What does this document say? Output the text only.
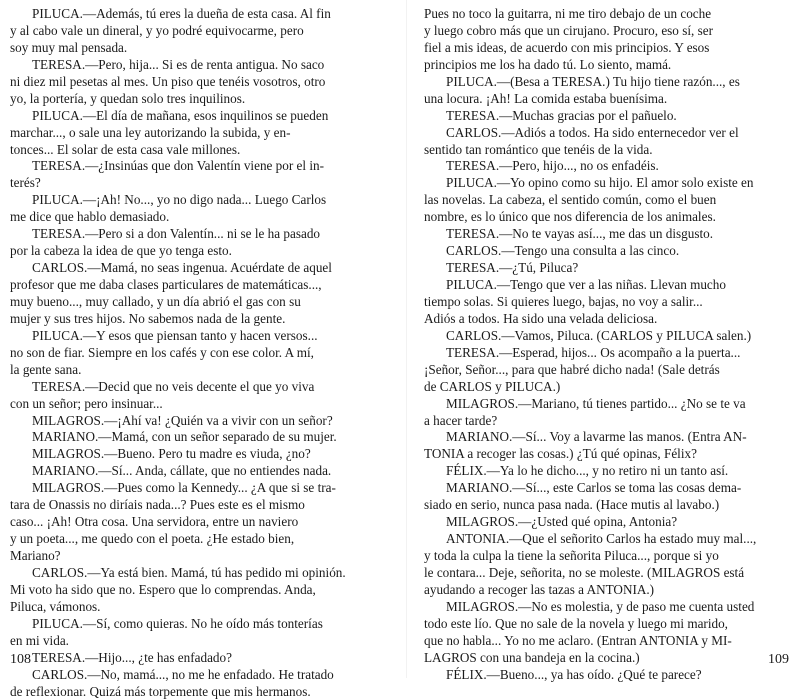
PILUCA.—Además, tú eres la dueña de esta casa. Al fin
y al cabo vale un dineral, y yo podré equivocarme, pero
soy muy mal pensada.
TERESA.—Pero, hija... Si es de renta antigua. No saco
ni diez mil pesetas al mes. Un piso que tenéis vosotros, otro
yo, la portería, y quedan solo tres inquilinos.
PILUCA.—El día de mañana, esos inquilinos se pueden
marchar..., o sale una ley autorizando la subida, y en-
tonces... El solar de esta casa vale millones.
TERESA.—¿Insinúas que don Valentín viene por el in-
terés?
PILUCA.—¡Ah! No..., yo no digo nada... Luego Carlos
me dice que hablo demasiado.
TERESA.—Pero si a don Valentín... ni se le ha pasado
por la cabeza la idea de que yo tenga esto.
CARLOS.—Mamá, no seas ingenua. Acuérdate de aquel
profesor que me daba clases particulares de matemáticas...,
muy bueno..., muy callado, y un día abrió el gas con su
mujer y sus tres hijos. No sabemos nada de la gente.
PILUCA.—Y esos que piensan tanto y hacen versos...
no son de fiar. Siempre en los cafés y con ese color. A mí,
la gente sana.
TERESA.—Decid que no veis decente el que yo viva
con un señor; pero insinuar...
MILAGROS.—¡Ahí va! ¿Quién va a vivir con un señor?
MARIANO.—Mamá, con un señor separado de su mujer.
MILAGROS.—Bueno. Pero tu madre es viuda, ¿no?
MARIANO.—Sí... Anda, cállate, que no entiendes nada.
MILAGROS.—Pues como la Kennedy... ¿A que si se tra-
tara de Onassis no diríais nada...? Pues este es el mismo
caso... ¡Ah! Otra cosa. Una servidora, entre un naviero
y un poeta..., me quedo con el poeta. ¿He estado bien,
Mariano?
CARLOS.—Ya está bien. Mamá, tú has pedido mi opinión.
Mi voto ha sido que no. Espero que lo comprendas. Anda,
Piluca, vámonos.
PILUCA.—Sí, como quieras. No he oído más tonterías
en mi vida.
TERESA.—Hijo..., ¿te has enfadado?
CARLOS.—No, mamá..., no me he enfadado. He tratado
de reflexionar. Quizá más torpemente que mis hermanos.
108
Pues no toco la guitarra, ni me tiro debajo de un coche
y luego cobro más que un cirujano. Procuro, eso sí, ser
fiel a mis ideas, de acuerdo con mis principios. Y esos
principios me los ha dado tú. Lo siento, mamá.
PILUCA.—(Besa a TERESA.) Tu hijo tiene razón..., es
una locura. ¡Ah! La comida estaba buenísima.
TERESA.—Muchas gracias por el pañuelo.
CARLOS.—Adiós a todos. Ha sido enternecedor ver el
sentido tan romántico que tenéis de la vida.
TERESA.—Pero, hijo..., no os enfadéis.
PILUCA.—Yo opino como su hijo. El amor solo existe en
las novelas. La cabeza, el sentido común, como el buen
nombre, es lo único que nos diferencia de los animales.
TERESA.—No te vayas así..., me das un disgusto.
CARLOS.—Tengo una consulta a las cinco.
TERESA.—¿Tú, Piluca?
PILUCA.—Tengo que ver a las niñas. Llevan mucho
tiempo solas. Si quieres luego, bajas, no voy a salir...
Adiós a todos. Ha sido una velada deliciosa.
CARLOS.—Vamos, Piluca. (CARLOS y PILUCA salen.)
TERESA.—Esperad, hijos... Os acompaño a la puerta...
¡Señor, Señor..., para que habré dicho nada! (Sale detrás
de CARLOS y PILUCA.)
MILAGROS.—Mariano, tú tienes partido... ¿No se te va
a hacer tarde?
MARIANO.—Sí... Voy a lavarme las manos. (Entra AN-
TONIA a recoger las cosas.) ¿Tú qué opinas, Félix?
FÉLIX.—Ya lo he dicho..., y no retiro ni un tanto así.
MARIANO.—Sí..., este Carlos se toma las cosas dema-
siado en serio, nunca pasa nada. (Hace mutis al lavabo.)
MILAGROS.—¿Usted qué opina, Antonia?
ANTONIA.—Que el señorito Carlos ha estado muy mal...,
y toda la culpa la tiene la señorita Piluca..., porque si yo
le contara... Deje, señorita, no se moleste. (MILAGROS está
ayudando a recoger las tazas a ANTONIA.)
MILAGROS.—No es molestia, y de paso me cuenta usted
todo este lío. Que no sale de la novela y luego mi marido,
que no habla... Yo no me aclaro. (Entran ANTONIA y MI-
LAGROS con una bandeja en la cocina.)
FÉLIX.—Bueno..., ya has oído. ¿Qué te parece?
109
